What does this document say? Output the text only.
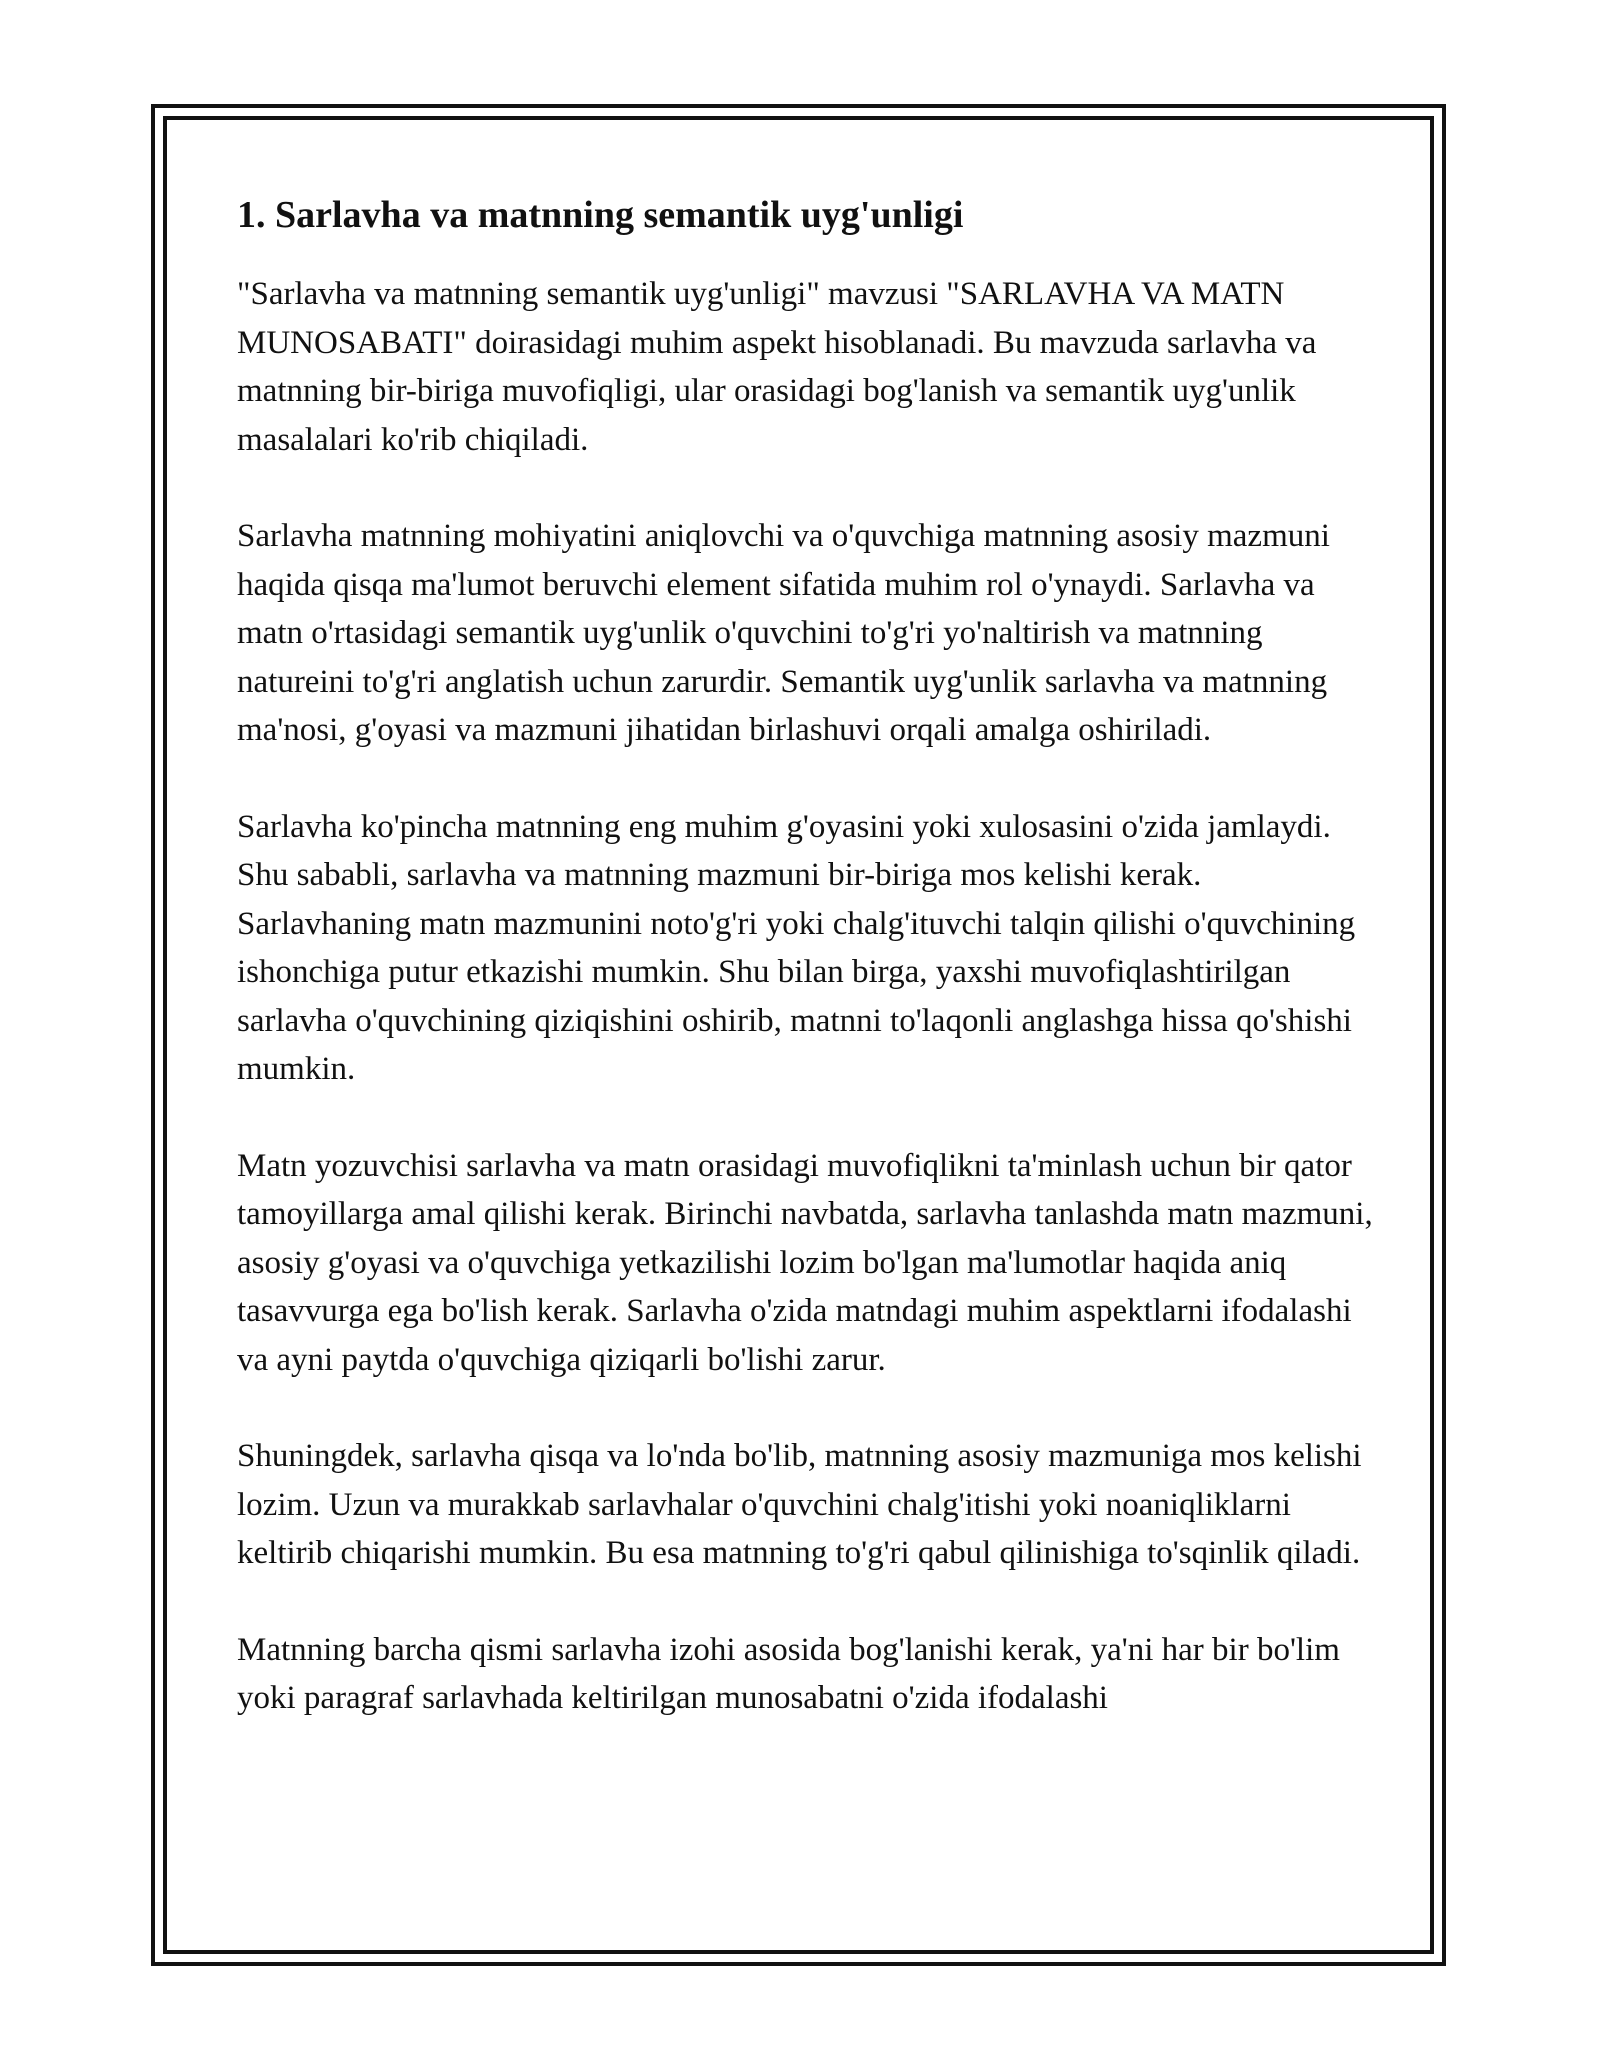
1. Sarlavha va matnning semantik uyg'unligi

"Sarlavha va matnning semantik uyg'unligi" mavzusi "SARLAVHA VA MATN MUNOSABATI" doirasidagi muhim aspekt hisoblanadi. Bu mavzuda sarlavha va matnning bir-biriga muvofiqligi, ular orasidagi bog'lanish va semantik uyg'unlik masalalari ko'rib chiqiladi.

Sarlavha matnning mohiyatini aniqlovchi va o'quvchiga matnning asosiy mazmuni haqida qisqa ma'lumot beruvchi element sifatida muhim rol o'ynaydi. Sarlavha va matn o'rtasidagi semantik uyg'unlik o'quvchini to'g'ri yo'naltirish va matnning natureini to'g'ri anglatish uchun zarurdir. Semantik uyg'unlik sarlavha va matnning ma'nosi, g'oyasi va mazmuni jihatidan birlashuvi orqali amalga oshiriladi.

Sarlavha ko'pincha matnning eng muhim g'oyasini yoki xulosasini o'zida jamlaydi. Shu sababli, sarlavha va matnning mazmuni bir-biriga mos kelishi kerak. Sarlavhaning matn mazmunini noto'g'ri yoki chalg'ituvchi talqin qilishi o'quvchining ishonchiga putur etkazishi mumkin. Shu bilan birga, yaxshi muvofiqlashtirilgan sarlavha o'quvchining qiziqishini oshirib, matnni to'laqonli anglashga hissa qo'shishi mumkin.

Matn yozuvchisi sarlavha va matn orasidagi muvofiqlikni ta'minlash uchun bir qator tamoyillarga amal qilishi kerak. Birinchi navbatda, sarlavha tanlashda matn mazmuni, asosiy g'oyasi va o'quvchiga yetkazilishi lozim bo'lgan ma'lumotlar haqida aniq tasavvurga ega bo'lish kerak. Sarlavha o'zida matndagi muhim aspektlarni ifodalashi va ayni paytda o'quvchiga qiziqarli bo'lishi zarur.

Shuningdek, sarlavha qisqa va lo'nda bo'lib, matnning asosiy mazmuniga mos kelishi lozim. Uzun va murakkab sarlavhalar o'quvchini chalg'itishi yoki noaniqliklarni keltirib chiqarishi mumkin. Bu esa matnning to'g'ri qabul qilinishiga to'sqinlik qiladi.

Matnning barcha qismi sarlavha izohi asosida bog'lanishi kerak, ya'ni har bir bo'lim yoki paragraf sarlavhada keltirilgan munosabatni o'zida ifodalashi
